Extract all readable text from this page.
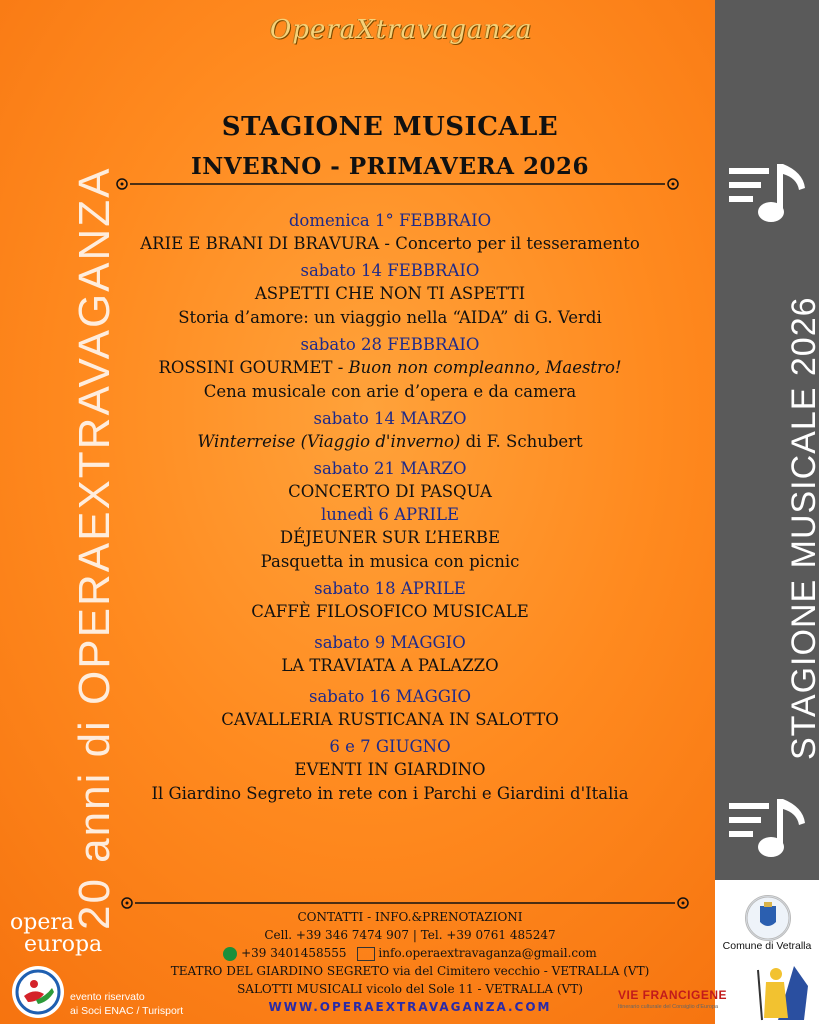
20 anni di OPERAEXTRAVAGANZA	STAGIONE MUSICALE 2026
OperaXtravaganza
STAGIONE MUSICALE
INVERNO - PRIMAVERA 2026
domenica 1° FEBBRAIO
ARIE E BRANI DI BRAVURA - Concerto per il tesseramento
sabato 14 FEBBRAIO
ASPETTI CHE NON TI ASPETTI
Storia d’amore: un viaggio nella “AIDA” di G. Verdi
sabato 28 FEBBRAIO
ROSSINI GOURMET - Buon non compleanno, Maestro!
Cena musicale con arie d’opera e da camera
sabato 14 MARZO
Winterreise (Viaggio d'inverno) di F. Schubert
sabato 21 MARZO
CONCERTO DI PASQUA
lunedì 6 APRILE
DÉJEUNER SUR L’HERBE
Pasquetta in musica con picnic
sabato 18 APRILE
CAFFÈ FILOSOFICO MUSICALE
sabato 9 MAGGIO
LA TRAVIATA A PALAZZO
sabato 16 MAGGIO
CAVALLERIA RUSTICANA IN SALOTTO
6 e 7 GIUGNO
EVENTI IN GIARDINO
Il Giardino Segreto in rete con i Parchi e Giardini d'Italia
opera
europa
evento riservato
ai Soci ENAC / Turisport
CONTATTI - INFO.&PRENOTAZIONI
Cell. +39 346 7474 907 | Tel. +39 0761 485247
+39 3401458555	info.operaextravaganza@gmail.com
TEATRO DEL GIARDINO SEGRETO via del Cimitero vecchio - VETRALLA (VT)
SALOTTI MUSICALI vicolo del Sole 11 - VETRALLA (VT)
WWW.OPERAEXTRAVAGANZA.COM
Comune di Vetralla
VIE FRANCIGENE
Itinerario culturale del Consiglio d'Europa
